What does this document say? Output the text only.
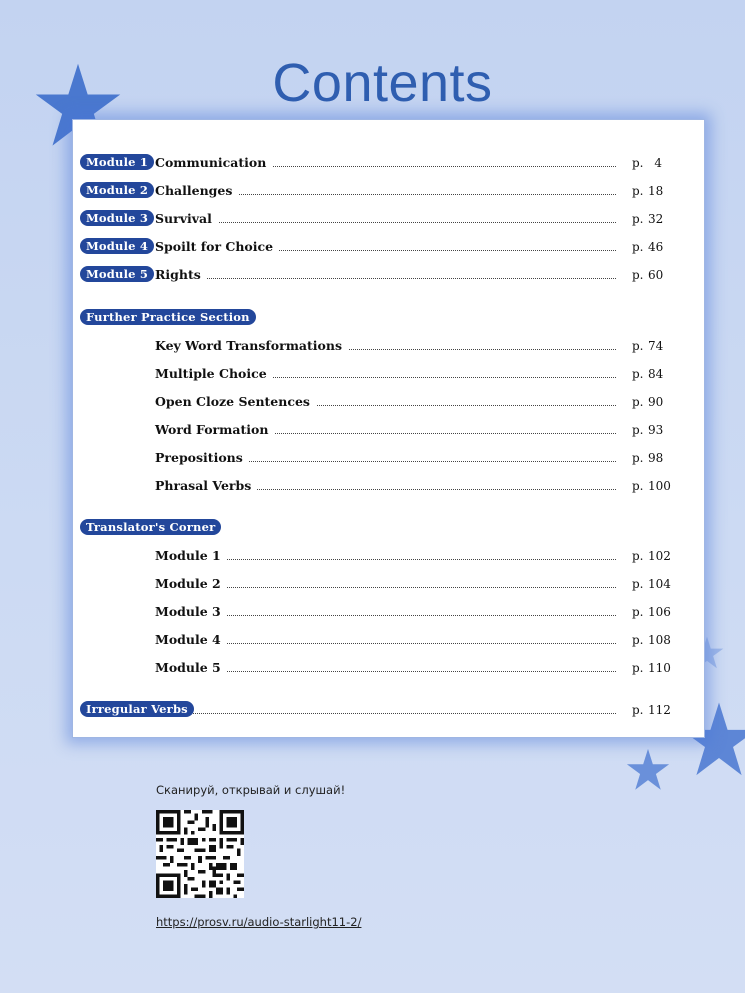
Contents
Module 1 Communication	p. 4
Module 2 Challenges	p. 18
Module 3 Survival	p. 32
Module 4 Spoilt for Choice	p. 46
Module 5 Rights	p. 60
Further Practice Section
Key Word Transformations	p. 74
Multiple Choice	p. 84
Open Cloze Sentences	p. 90
Word Formation	p. 93
Prepositions	p. 98
Phrasal Verbs	p. 100
Translator's Corner
Module 1	p. 102
Module 2	p. 104
Module 3	p. 106
Module 4	p. 108
Module 5	p. 110
Irregular Verbs	p. 112
Сканируй, открывай и слушай!
https://prosv.ru/audio-starlight11-2/
